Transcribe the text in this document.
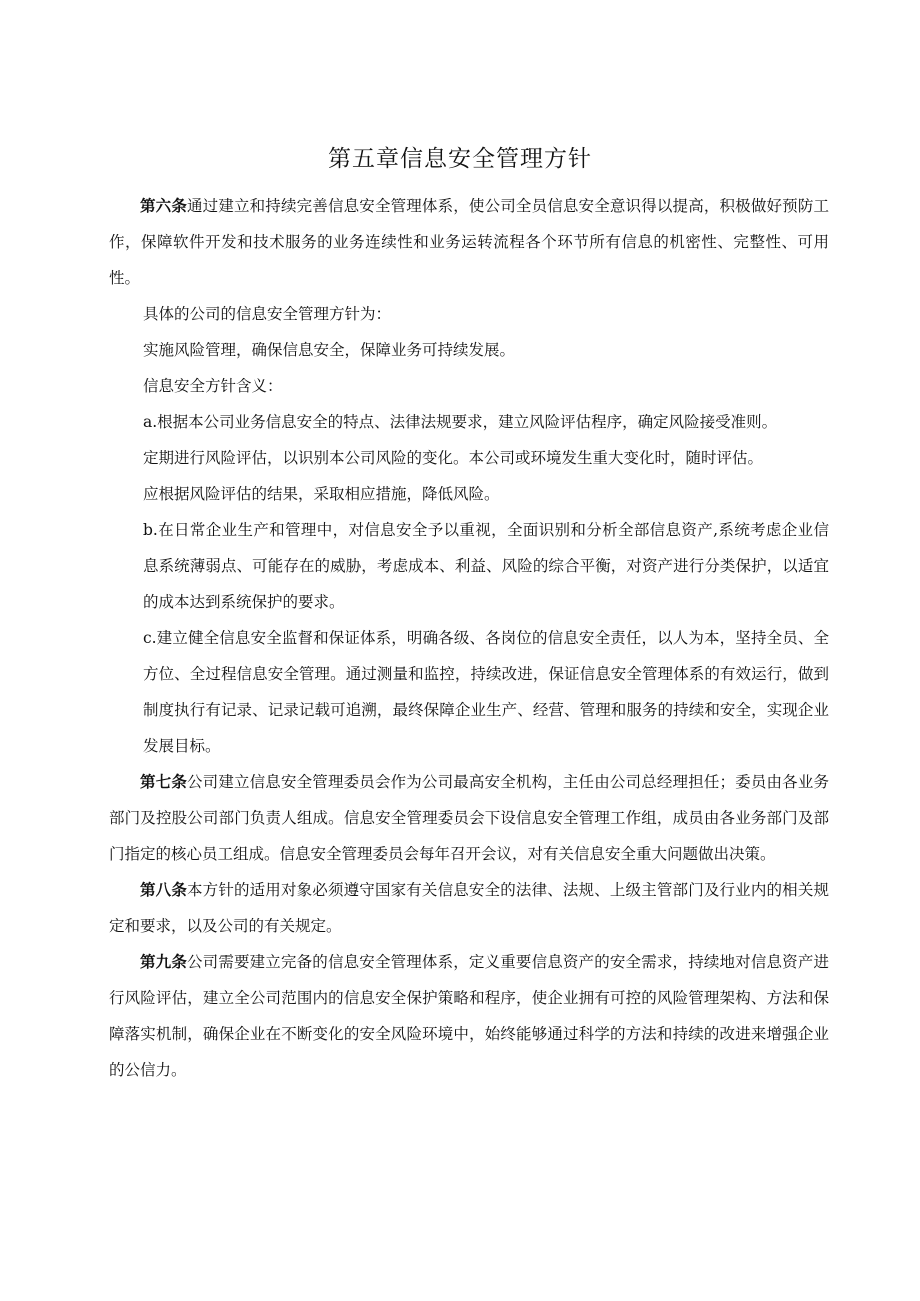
第五章信息安全管理方针

第六条通过建立和持续完善信息安全管理体系，使公司全员信息安全意识得以提高，积极做好预防工作，保障软件开发和技术服务的业务连续性和业务运转流程各个环节所有信息的机密性、完整性、可用性。

具体的公司的信息安全管理方针为：

实施风险管理，确保信息安全，保障业务可持续发展。

信息安全方针含义：

a.根据本公司业务信息安全的特点、法律法规要求，建立风险评估程序，确定风险接受准则。

定期进行风险评估，以识别本公司风险的变化。本公司或环境发生重大变化时，随时评估。

应根据风险评估的结果，采取相应措施，降低风险。

b.在日常企业生产和管理中，对信息安全予以重视，全面识别和分析全部信息资产,系统考虑企业信息系统薄弱点、可能存在的威胁，考虑成本、利益、风险的综合平衡，对资产进行分类保护，以适宜的成本达到系统保护的要求。

c.建立健全信息安全监督和保证体系，明确各级、各岗位的信息安全责任，以人为本，坚持全员、全方位、全过程信息安全管理。通过测量和监控，持续改进，保证信息安全管理体系的有效运行，做到制度执行有记录、记录记载可追溯，最终保障企业生产、经营、管理和服务的持续和安全，实现企业发展目标。

第七条公司建立信息安全管理委员会作为公司最高安全机构，主任由公司总经理担任；委员由各业务部门及控股公司部门负责人组成。信息安全管理委员会下设信息安全管理工作组，成员由各业务部门及部门指定的核心员工组成。信息安全管理委员会每年召开会议，对有关信息安全重大问题做出决策。

第八条本方针的适用对象必须遵守国家有关信息安全的法律、法规、上级主管部门及行业内的相关规定和要求，以及公司的有关规定。

第九条公司需要建立完备的信息安全管理体系，定义重要信息资产的安全需求，持续地对信息资产进行风险评估，建立全公司范围内的信息安全保护策略和程序，使企业拥有可控的风险管理架构、方法和保障落实机制，确保企业在不断变化的安全风险环境中，始终能够通过科学的方法和持续的改进来增强企业的公信力。
